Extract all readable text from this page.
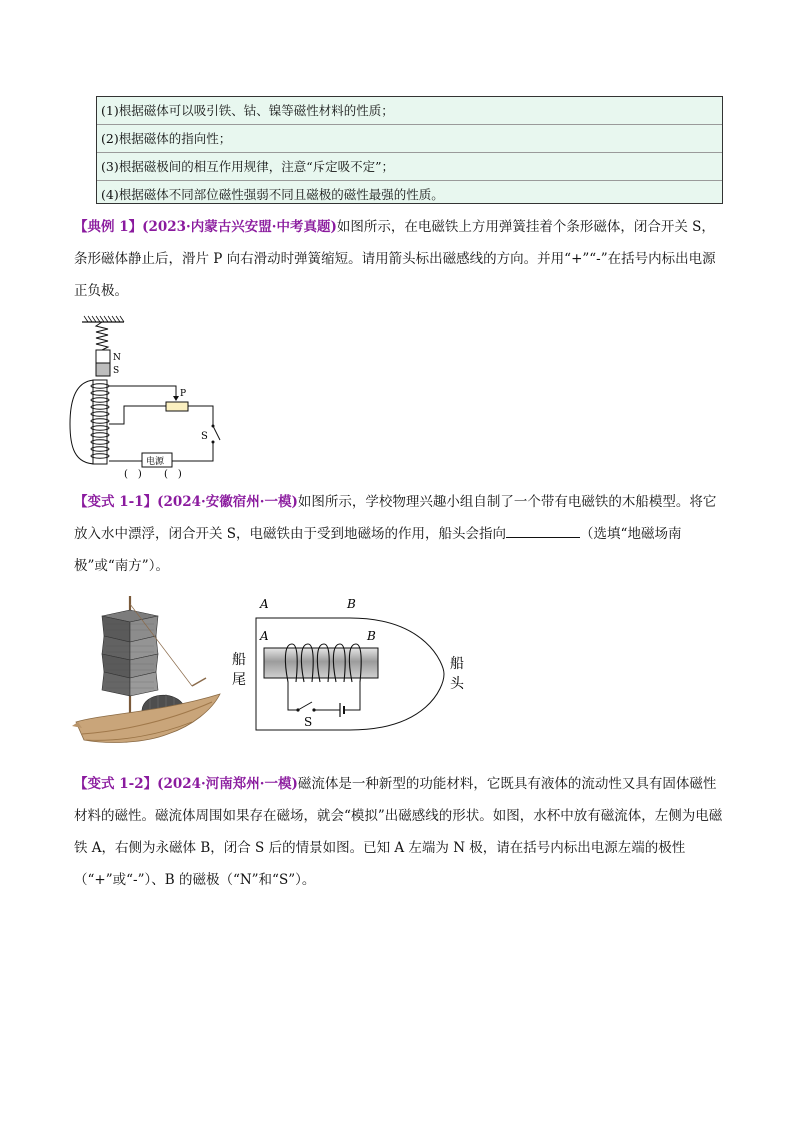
(1)根据磁体可以吸引铁、钴、镍等磁性材料的性质；
(2)根据磁体的指向性；
(3)根据磁极间的相互作用规律，注意“斥定吸不定”；
(4)根据磁体不同部位磁性强弱不同且磁极的磁性最强的性质。
【典例 1】(2023·内蒙古兴安盟·中考真题)如图所示，在电磁铁上方用弹簧挂着个条形磁体，闭合开关 S，条形磁体静止后，滑片 P 向右滑动时弹簧缩短。请用箭头标出磁感线的方向。并用“+”“-”在括号内标出电源正负极。
N
S
P
S
电源
(　) (　)
【变式 1-1】(2024·安徽宿州·一模)如图所示，学校物理兴趣小组自制了一个带有电磁铁的木船模型。将它放入水中漂浮，闭合开关 S，电磁铁由于受到地磁场的作用，船头会指向	（选填“地磁场南极”或“南方”）。
A	B
A	B
船
尾
船
头
S
【变式 1-2】(2024·河南郑州·一模)磁流体是一种新型的功能材料，它既具有液体的流动性又具有固体磁性材料的磁性。磁流体周围如果存在磁场，就会“模拟”出磁感线的形状。如图，水杯中放有磁流体，左侧为电磁铁 A，右侧为永磁体 B，闭合 S 后的情景如图。已知 A 左端为 N 极，请在括号内标出电源左端的极性（“+”或“-”）、B 的磁极（“N”和“S”）。
